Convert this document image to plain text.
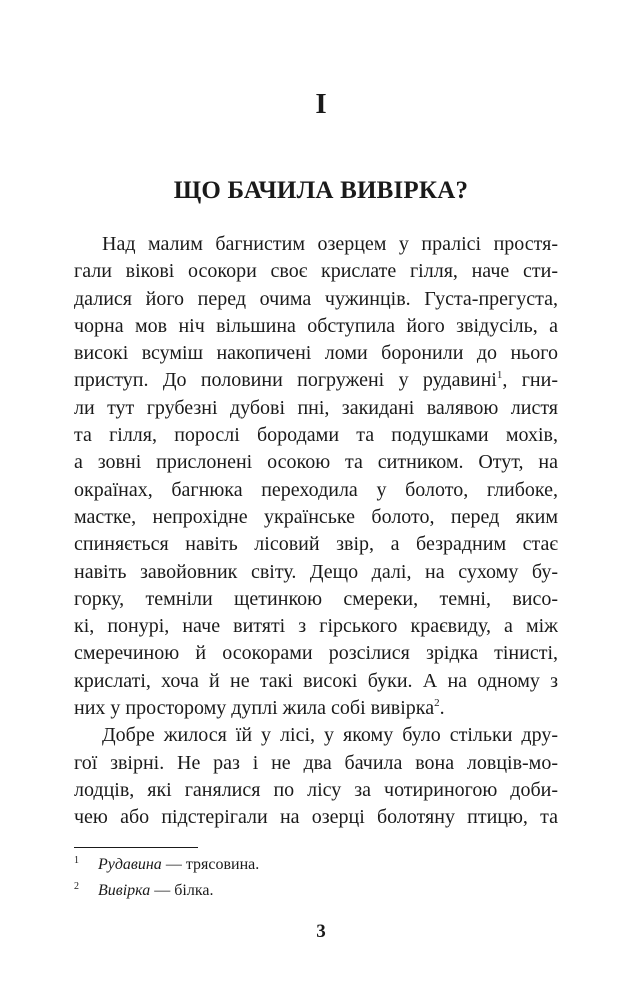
I
ЩО БАЧИЛА ВИВІРКА?
Над малим багнистим озерцем у пралісі простя-
гали вікові осокори своє крислате гілля, наче сти-
далися його перед очима чужинців. Густа-прегуста,
чорна мов ніч вільшина обступила його звідусіль, а
високі всуміш накопичені ломи боронили до нього
приступ. До половини погружені у рудавині$^1$, гни-
ли тут грубезні дубові пні, закидані валявою листя
та гілля, порослі бородами та подушками мохів,
а зовні прислонені осокою та ситником. Отут, на
окраїнах, багнюка переходила у болото, глибоке,
мастке, непрохідне українське болото, перед яким
спиняється навіть лісовий звір, а безрадним стає
навіть завойовник світу. Дещо далі, на сухому бу-
горку, темніли щетинкою смереки, темні, висо-
кі, понурі, наче витяті з гірського краєвиду, а між
смеречиною й осокорами розсілися зрідка тінисті,
крислаті, хоча й не такі високі буки. А на одному з
них у просторому дуплі жила собі вивірка$^2$.
Добре жилося їй у лісі, у якому було стільки дру-
гої звірні. Не раз і не два бачила вона ловців-мо-
лодців, які ганялися по лісу за чотириногою доби-
чею або підстерігали на озерці болотяну птицю, та
1 Рудавина — трясовина.
2 Вивірка — білка.
3
